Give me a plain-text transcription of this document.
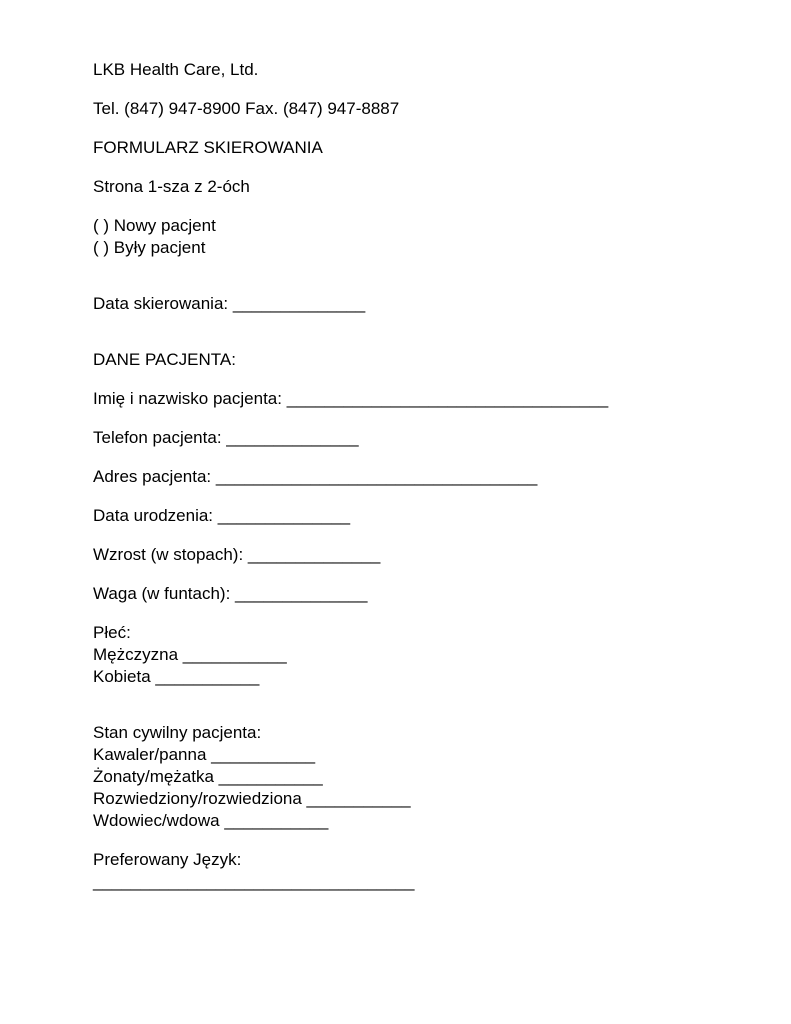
LKB Health Care, Ltd.
Tel. (847) 947-8900 Fax. (847) 947-8887
FORMULARZ SKIEROWANIA
Strona 1-sza z 2-óch
( ) Nowy pacjent
( ) Były pacjent
Data skierowania: ______________
DANE PACJENTA:
Imię i nazwisko pacjenta: __________________________________
Telefon pacjenta: ______________
Adres pacjenta: __________________________________
Data urodzenia: ______________
Wzrost (w stopach): ______________
Waga (w funtach): ______________
Płeć:
Mężczyzna ___________
Kobieta ___________
Stan cywilny pacjenta:
Kawaler/panna ___________
Żonaty/mężatka ___________
Rozwiedziony/rozwiedziona ___________
Wdowiec/wdowa ___________
Preferowany Język:
__________________________________
